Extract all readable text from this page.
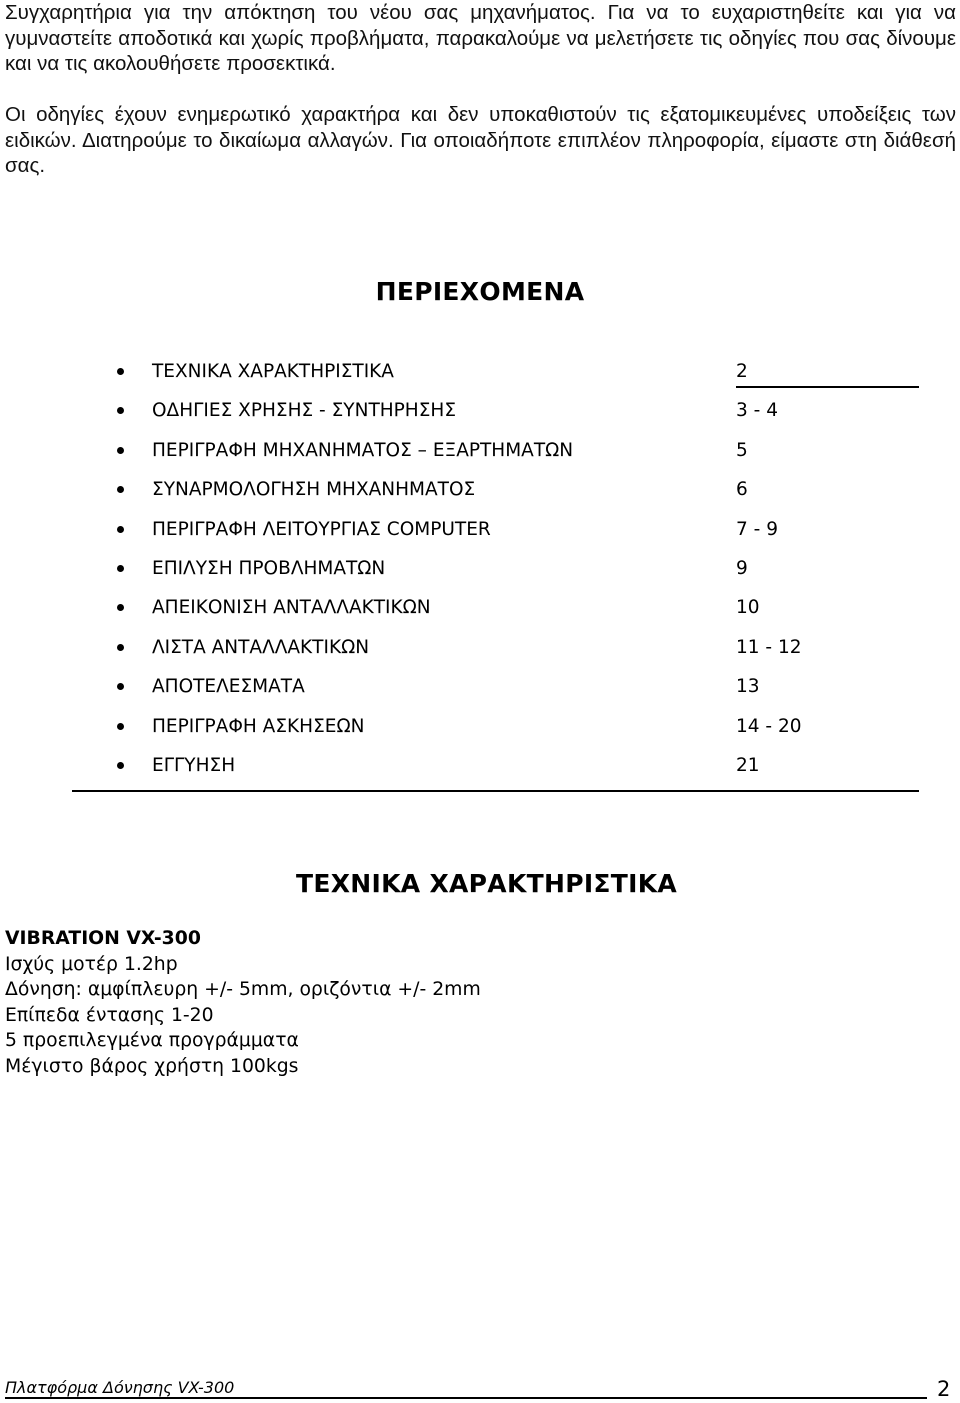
Συγχαρητήρια για την απόκτηση του νέου σας μηχανήματος. Για να το ευχαριστηθείτε και για να γυμναστείτε αποδοτικά και χωρίς προβλήματα, παρακαλούμε να μελετήσετε τις οδηγίες που σας δίνουμε και να τις ακολουθήσετε προσεκτικά.

Οι οδηγίες έχουν ενημερωτικό χαρακτήρα και δεν υποκαθιστούν τις εξατομικευμένες υποδείξεις των ειδικών. Διατηρούμε το δικαίωμα αλλαγών. Για οποιαδήποτε επιπλέον πληροφορία, είμαστε στη διάθεσή σας.

ΠΕΡΙΕΧΟΜΕΝΑ
ΤΕΧΝΙΚΑ ΧΑΡΑΚΤΗΡΙΣΤΙΚΑ	2
ΟΔΗΓΙΕΣ ΧΡΗΣΗΣ - ΣΥΝΤΗΡΗΣΗΣ	3 - 4
ΠΕΡΙΓΡΑΦΗ ΜΗΧΑΝΗΜΑΤΟΣ – ΕΞΑΡΤΗΜΑΤΩΝ	5
ΣΥΝΑΡΜΟΛΟΓΗΣΗ ΜΗΧΑΝΗΜΑΤΟΣ	6
ΠΕΡΙΓΡΑΦΗ ΛΕΙΤΟΥΡΓΙΑΣ COMPUTER	7 - 9
ΕΠΙΛΥΣΗ ΠΡΟΒΛΗΜΑΤΩΝ	9
ΑΠΕΙΚΟΝΙΣΗ ΑΝΤΑΛΛΑΚΤΙΚΩΝ	10
ΛΙΣΤΑ ΑΝΤΑΛΛΑΚΤΙΚΩΝ	11 - 12
ΑΠΟΤΕΛΕΣΜΑΤΑ	13
ΠΕΡΙΓΡΑΦΗ ΑΣΚΗΣΕΩΝ	14 - 20
ΕΓΓΥΗΣΗ	21
ΤΕΧΝΙΚΑ ΧΑΡΑΚΤΗΡΙΣΤΙΚΑ
VIBRATION VX-300
Ισχύς μοτέρ 1.2hp
Δόνηση: αμφίπλευρη +/- 5mm, οριζόντια +/- 2mm
Επίπεδα έντασης 1-20
5 προεπιλεγμένα προγράμματα
Μέγιστο βάρος χρήστη 100kgs
Πλατφόρμα Δόνησης VX-300	2
